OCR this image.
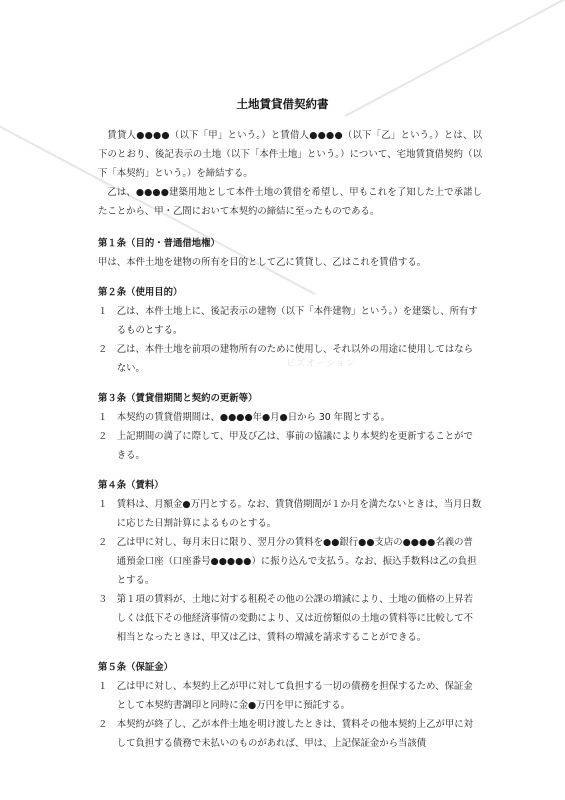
ビズオーション
土地賃貸借契約書

賃貸人●●●●（以下「甲」という。）と賃借人●●●●（以下「乙」という。）とは、以下のとおり、後記表示の土地（以下「本件土地」という。）について、宅地賃貸借契約（以下「本契約」という。）を締結する。

乙は、●●●●建築用地として本件土地の賃借を希望し、甲もこれを了知した上で承諾したことから、甲・乙間において本契約の締結に至ったものである。

第１条（目的・普通借地権）

甲は、本件土地を建物の所有を目的として乙に賃貸し、乙はこれを賃借する。

第２条（使用目的）

１　 乙は、本件土地上に、後記表示の建物（以下「本件建物」という。）を建築し、所有するものとする。

２　 乙は、本件土地を前項の建物所有のために使用し、それ以外の用途に使用してはならない。

第３条（賃貸借期間と契約の更新等）

１　 本契約の賃貸借期間は、●●●●年●月●日から 30 年間とする。

２　 上記期間の満了に際して、甲及び乙は、事前の協議により本契約を更新することができる。

第４条（賃料）

１　 賃料は、月額金●万円とする。なお、賃貸借期間が１か月を満たないときは、当月日数に応じた日割計算によるものとする。

２　 乙は甲に対し、毎月末日に限り、翌月分の賃料を●●銀行●●支店の●●●●名義の普通預金口座（口座番号●●●●●）に振り込んで支払う。なお、振込手数料は乙の負担とする。

３　 第１項の賃料が、土地に対する租税その他の公課の増減により、土地の価格の上昇若しくは低下その他経済事情の変動により、又は近傍類似の土地の賃料等に比較して不相当となったときは、甲又は乙は、賃料の増減を請求することができる。

第５条（保証金）

１　 乙は甲に対し、本契約上乙が甲に対して負担する一切の債務を担保するため、保証金として本契約書調印と同時に金●万円を甲に預託する。

２　 本契約が終了し、乙が本件土地を明け渡したときは、賃料その他本契約上乙が甲に対して負担する債務で未払いのものがあれば、甲は、上記保証金から当該債
